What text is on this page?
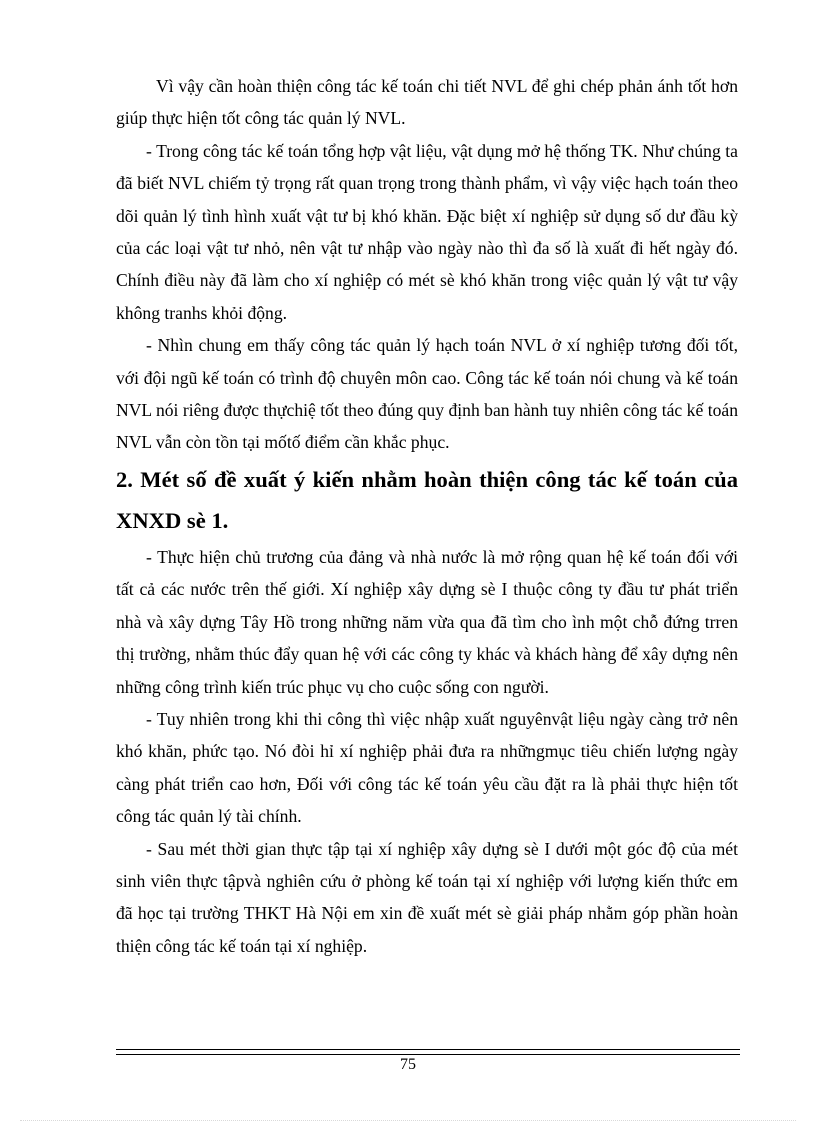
Vì vậy cần hoàn thiện công tác kế toán chi tiết NVL để ghi chép phản ánh tốt hơn giúp thực hiện tốt công tác quản lý NVL.

- Trong công tác kế toán tổng hợp vật liệu, vật dụng mở hệ thống TK. Như chúng ta đã biết NVL chiếm tỷ trọng rất quan trọng trong thành phẩm, vì vậy việc hạch toán theo dõi quản lý tình hình xuất vật tư bị khó khăn. Đặc biệt xí nghiệp sử dụng số dư đầu kỳ của các loại vật tư nhỏ, nên vật tư nhập vào ngày nào thì đa số là xuất đi hết ngày đó. Chính điều này đã làm cho xí nghiệp có mét sè khó khăn trong việc quản lý vật tư vậy không tranhs khỏi động.

- Nhìn chung em thấy công tác quản lý hạch toán NVL ở xí nghiệp tương đối tốt, với đội ngũ kế toán có trình độ chuyên môn cao. Công tác kế toán nói chung và kế toán NVL nói riêng được thựchiệ tốt theo đúng quy định ban hành tuy nhiên công tác kế toán NVL vẫn còn tồn tại mốtố điểm cần khắc phục.

2. Mét số đề xuất ý kiến nhằm hoàn thiện công tác kế toán của XNXD sè 1.

- Thực hiện chủ trương của đảng và nhà nước là mở rộng quan hệ kế toán đối với tất cả các nước trên thế giới. Xí nghiệp xây dựng sè I thuộc công ty đầu tư phát triển nhà và xây dựng Tây Hồ trong những năm vừa qua đã tìm cho ình một chỗ đứng trren thị trường, nhằm thúc đẩy quan hệ với các công ty khác và khách hàng để xây dựng nên những công trình kiến trúc phục vụ cho cuộc sống con người.

- Tuy nhiên trong khi thi công thì việc nhập xuất nguyênvật liệu ngày càng trở nên khó khăn, phức tạo. Nó đòi hỉ xí nghiệp phải đưa ra nhữngmục tiêu chiến lượng ngày càng phát triển cao hơn, Đối với công tác kế toán yêu cầu đặt ra là phải thực hiện tốt công tác quản lý tài chính.

- Sau mét thời gian thực tập tại xí nghiệp xây dựng sè I dưới một góc độ của mét sinh viên thực tậpvà nghiên cứu ở phòng kế toán tại xí nghiệp với lượng kiến thức em đã học tại trường THKT Hà Nội em xin đề xuất mét sè giải pháp nhằm góp phần hoàn thiện công tác kế toán tại xí nghiệp.

75
